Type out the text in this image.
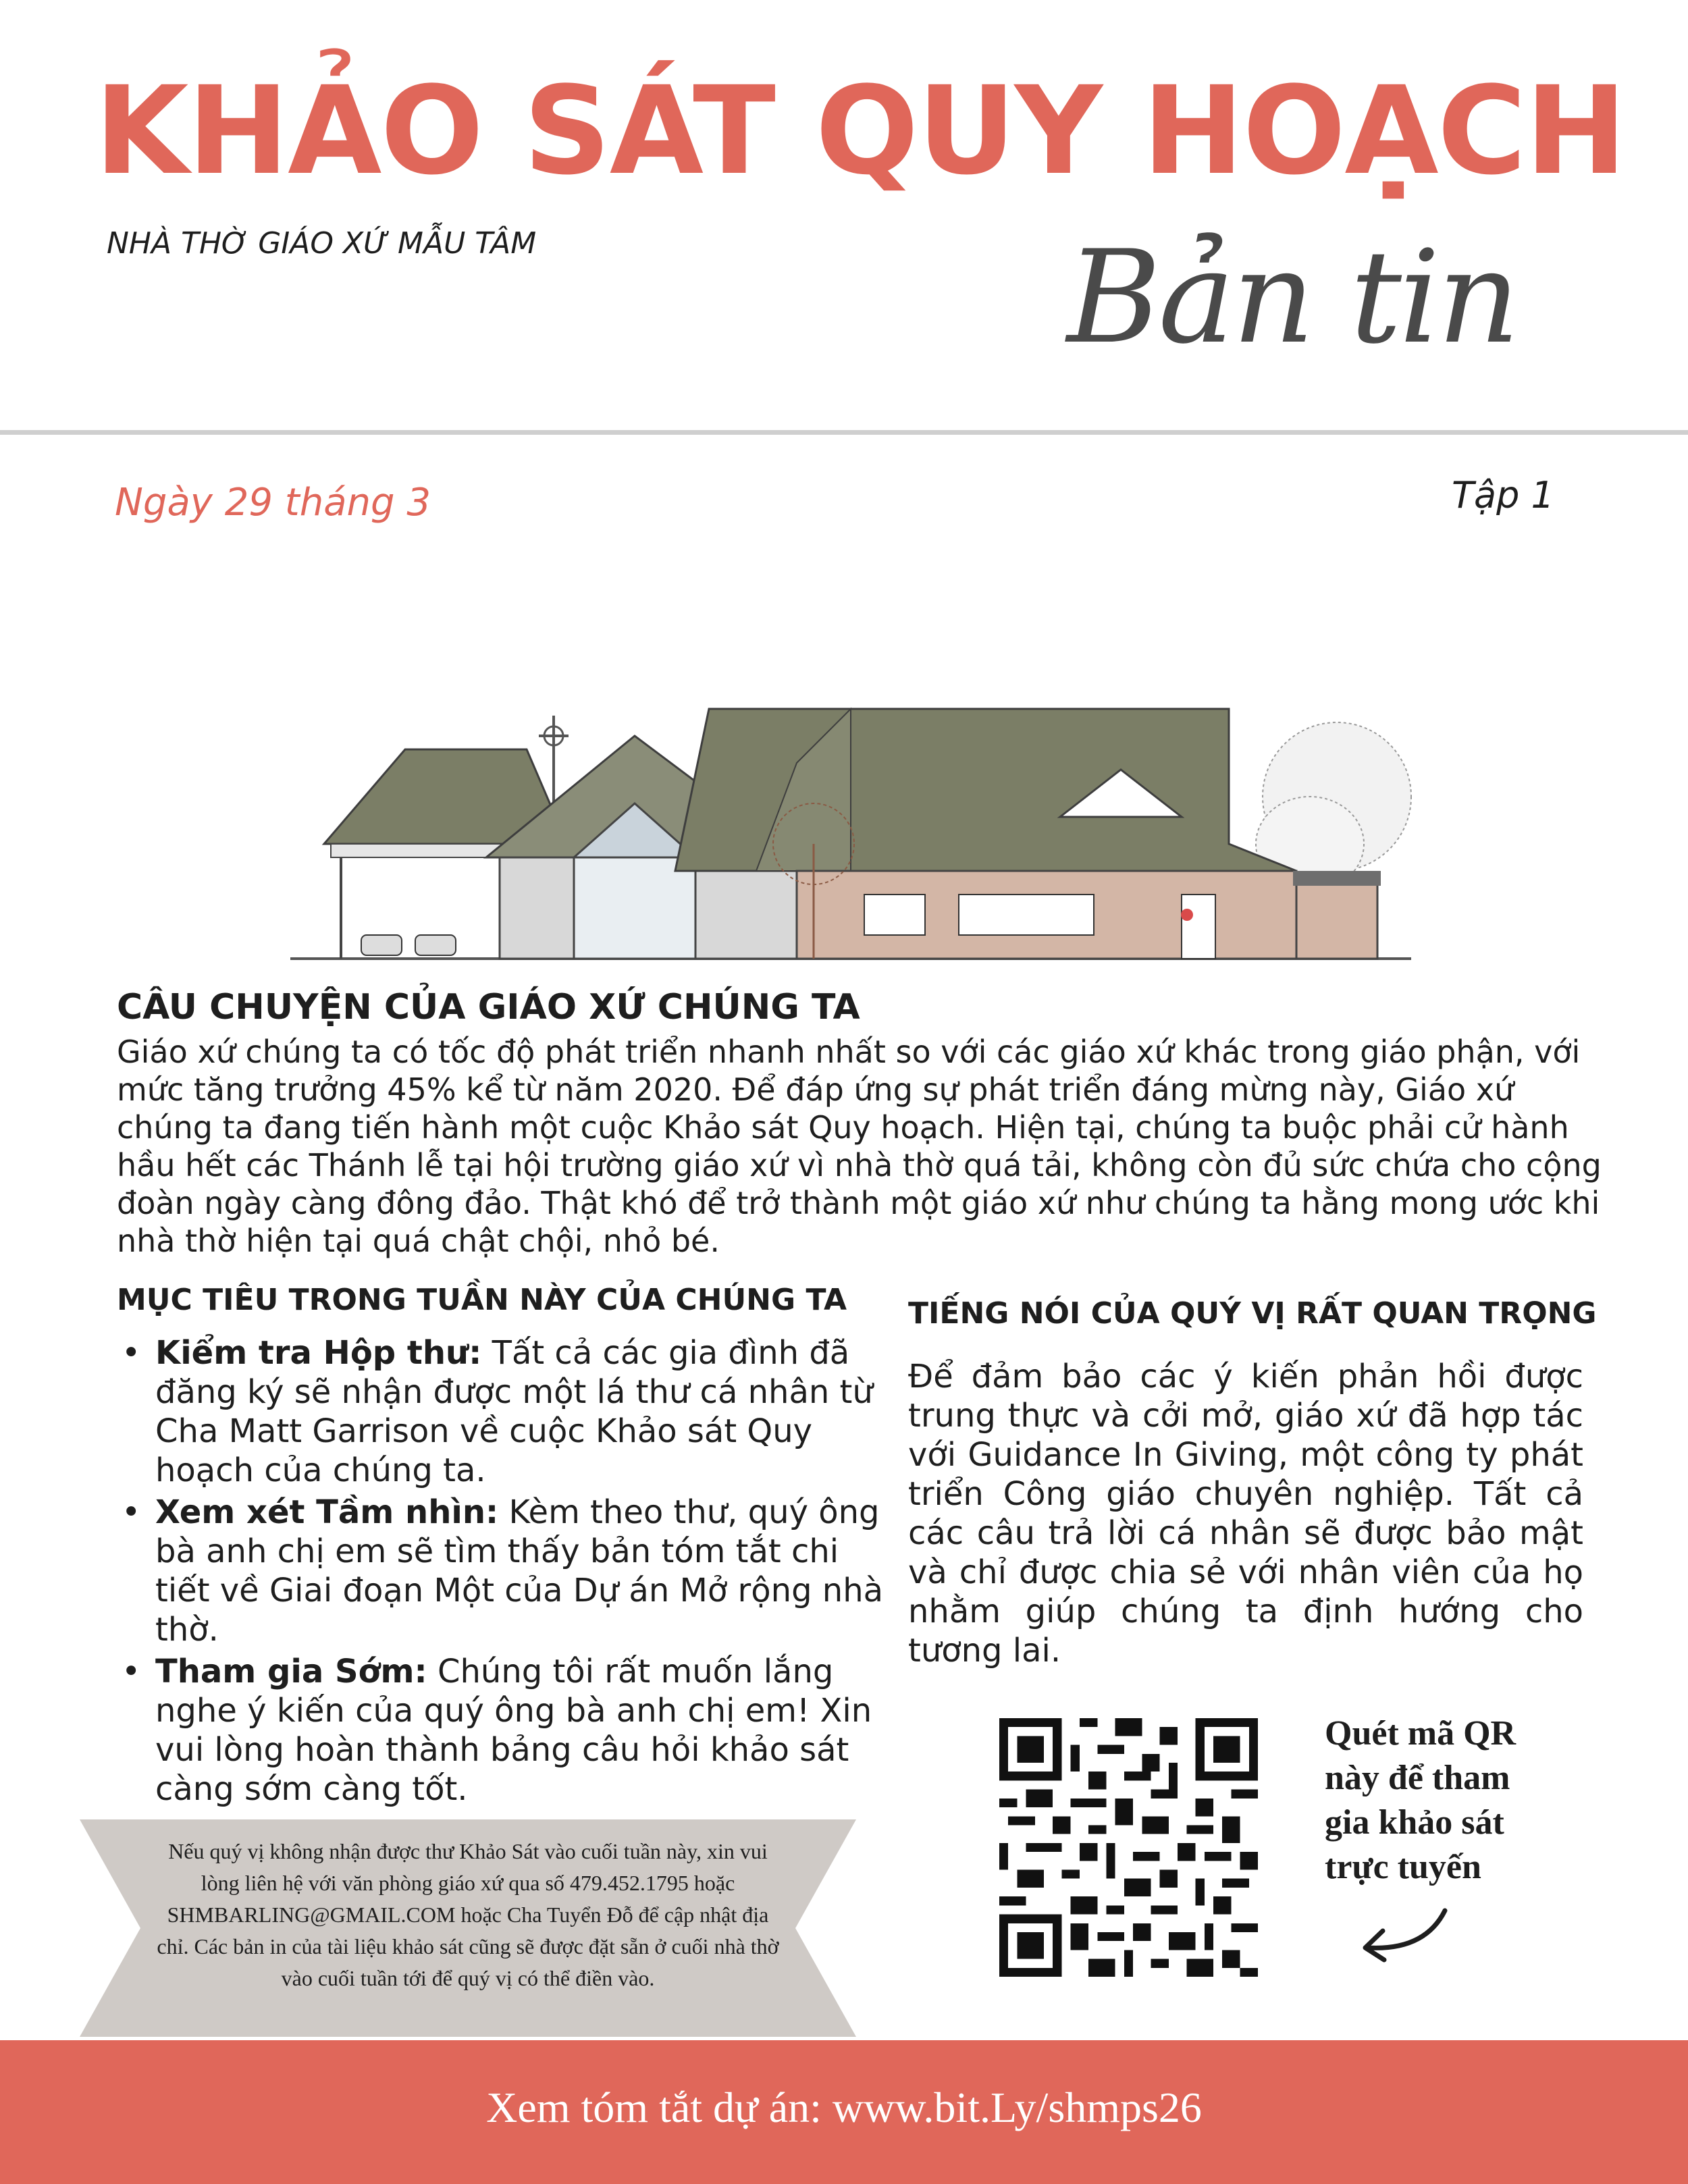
KHẢO SÁT QUY HOẠCH
NHÀ THỜ GIÁO XỨ MẪU TÂM	Bản tin
Ngày 29 tháng 3	Tập 1
CÂU CHUYỆN CỦA GIÁO XỨ CHÚNG TA
Giáo xứ chúng ta có tốc độ phát triển nhanh nhất so với các giáo xứ khác trong giáo phận, với mức tăng trưởng 45% kể từ năm 2020. Để đáp ứng sự phát triển đáng mừng này, Giáo xứ chúng ta đang tiến hành một cuộc Khảo sát Quy hoạch. Hiện tại, chúng ta buộc phải cử hành hầu hết các Thánh lễ tại hội trường giáo xứ vì nhà thờ quá tải, không còn đủ sức chứa cho cộng đoàn ngày càng đông đảo. Thật khó để trở thành một giáo xứ như chúng ta hằng mong ước khi nhà thờ hiện tại quá chật chội, nhỏ bé.
MỤC TIÊU TRONG TUẦN NÀY CỦA CHÚNG TA
• Kiểm tra Hộp thư: Tất cả các gia đình đã đăng ký sẽ nhận được một lá thư cá nhân từ Cha Matt Garrison về cuộc Khảo sát Quy hoạch của chúng ta.
• Xem xét Tầm nhìn: Kèm theo thư, quý ông bà anh chị em sẽ tìm thấy bản tóm tắt chi tiết về Giai đoạn Một của Dự án Mở rộng nhà thờ.
• Tham gia Sớm: Chúng tôi rất muốn lắng nghe ý kiến của quý ông bà anh chị em! Xin vui lòng hoàn thành bảng câu hỏi khảo sát càng sớm càng tốt.
TIẾNG NÓI CỦA QUÝ VỊ RẤT QUAN TRỌNG
Để đảm bảo các ý kiến phản hồi được trung thực và cởi mở, giáo xứ đã hợp tác với Guidance In Giving, một công ty phát triển Công giáo chuyên nghiệp. Tất cả các câu trả lời cá nhân sẽ được bảo mật và chỉ được chia sẻ với nhân viên của họ nhằm giúp chúng ta định hướng cho tương lai.
Nếu quý vị không nhận được thư Khảo Sát vào cuối tuần này, xin vui lòng liên hệ với văn phòng giáo xứ qua số 479.452.1795 hoặc SHMBARLING@GMAIL.COM hoặc Cha Tuyển Đỗ để cập nhật địa chỉ. Các bản in của tài liệu khảo sát cũng sẽ được đặt sẵn ở cuối nhà thờ vào cuối tuần tới để quý vị có thể điền vào.
Quét mã QR này để tham gia khảo sát trực tuyến
Xem tóm tắt dự án: www.bit.Ly/shmps26
